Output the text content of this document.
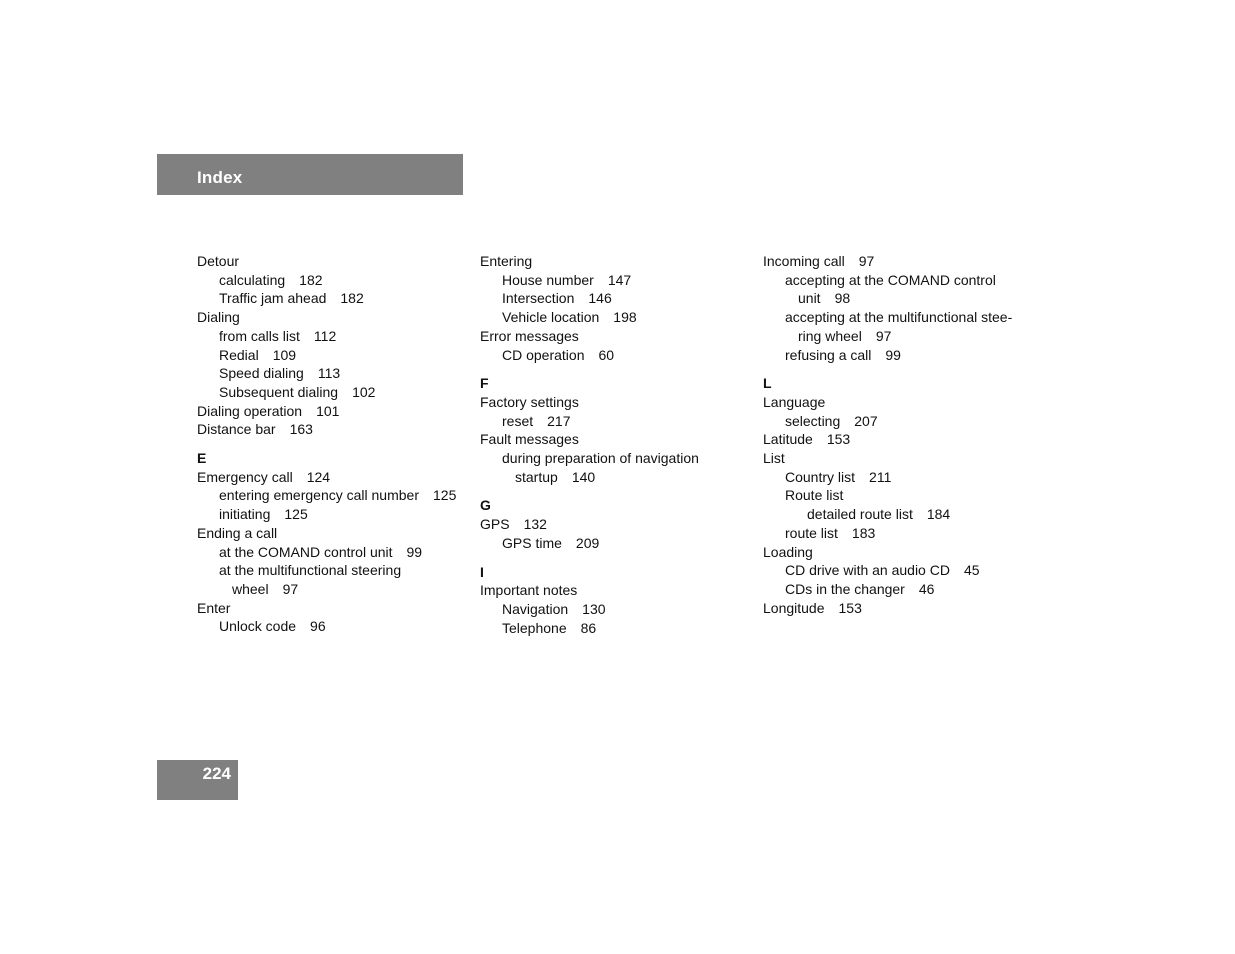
Index
Detour
calculating 182
Traffic jam ahead 182
Dialing
from calls list 112
Redial 109
Speed dialing 113
Subsequent dialing 102
Dialing operation 101
Distance bar 163
E
Emergency call 124
entering emergency call number 125
initiating 125
Ending a call
at the COMAND control unit 99
at the multifunctional steering
wheel 97
Enter
Unlock code 96
Entering
House number 147
Intersection 146
Vehicle location 198
Error messages
CD operation 60
F
Factory settings
reset 217
Fault messages
during preparation of navigation
startup 140
G
GPS 132
GPS time 209
I
Important notes
Navigation 130
Telephone 86
Incoming call 97
accepting at the COMAND control
unit 98
accepting at the multifunctional stee-
ring wheel 97
refusing a call 99
L
Language
selecting 207
Latitude 153
List
Country list 211
Route list
detailed route list 184
route list 183
Loading
CD drive with an audio CD 45
CDs in the changer 46
Longitude 153
224
